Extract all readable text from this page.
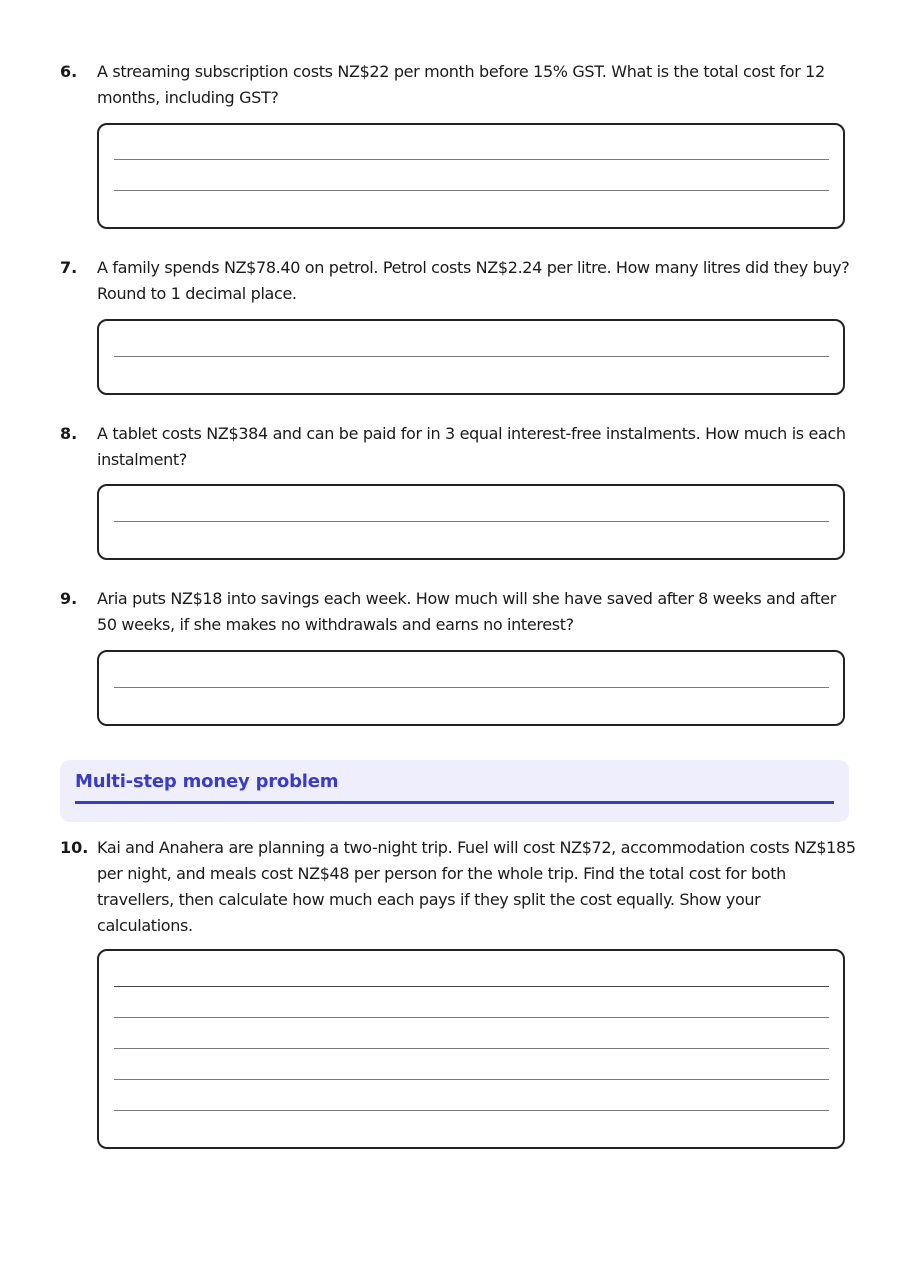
6. A streaming subscription costs NZ$22 per month before 15% GST. What is the total cost for 12 months, including GST?
7. A family spends NZ$78.40 on petrol. Petrol costs NZ$2.24 per litre. How many litres did they buy? Round to 1 decimal place.
8. A tablet costs NZ$384 and can be paid for in 3 equal interest-free instalments. How much is each instalment?
9. Aria puts NZ$18 into savings each week. How much will she have saved after 8 weeks and after 50 weeks, if she makes no withdrawals and earns no interest?
Multi-step money problem
10. Kai and Anahera are planning a two-night trip. Fuel will cost NZ$72, accommodation costs NZ$185 per night, and meals cost NZ$48 per person for the whole trip. Find the total cost for both travellers, then calculate how much each pays if they split the cost equally. Show your calculations.
